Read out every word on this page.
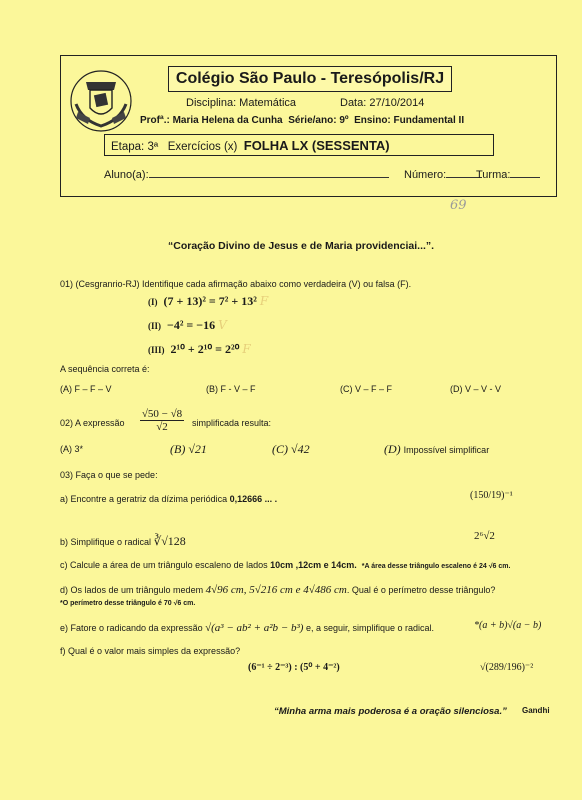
Colégio São Paulo - Teresópolis/RJ
Disciplina: Matemática	Data: 27/10/2014
Profª.: Maria Helena da Cunha Série/ano: 9º Ensino: Fundamental II
Etapa: 3ª Exercícios (x) FOLHA LX (SESSENTA)
Aluno(a):	Número:	Turma:
69
“Coração Divino de Jesus e de Maria providenciai...”.
01) (Cesgranrio-RJ) Identifique cada afirmação abaixo como verdadeira (V) ou falsa (F).
(I) (7 + 13)² = 7² + 13² F
(II) −4² = −16 V
(III) 2¹⁰ + 2¹⁰ = 2²⁰ F
A sequência correta é:
(A) F – F – V	(B) F - V – F	(C) V – F – F	(D) V – V - V
02) A expressão $\frac{√50 - √8}{√2}$ simplificada resulta:
(A) 3*	(B) √21	(C) √42	(D) Impossível simplificar
03) Faça o que se pede:
a) Encontre a geratriz da dízima periódica 0,12666 ... .	(150/19)⁻¹
b) Simplifique o radical ∛√128	2⁶√2
c) Calcule a área de um triângulo escaleno de lados 10cm ,12cm e 14cm. *A área desse triângulo escaleno é 24 √6 cm.
d) Os lados de um triângulo medem 4√96 cm, 5√216 cm e 4√486 cm. Qual é o perímetro desse triângulo?
*O perímetro desse triângulo é 70 √6 cm.
e) Fatore o radicando da expressão √(a³ − ab² + a²b − b³) e, a seguir, simplifique o radical.	*(a + b)√(a − b)
f) Qual é o valor mais simples da expressão?
(6⁻¹ ÷ 2⁻³) : (5⁰ + 4⁻²)	√(289/196)⁻²
“Minha arma mais poderosa é a oração silenciosa.” Gandhi
